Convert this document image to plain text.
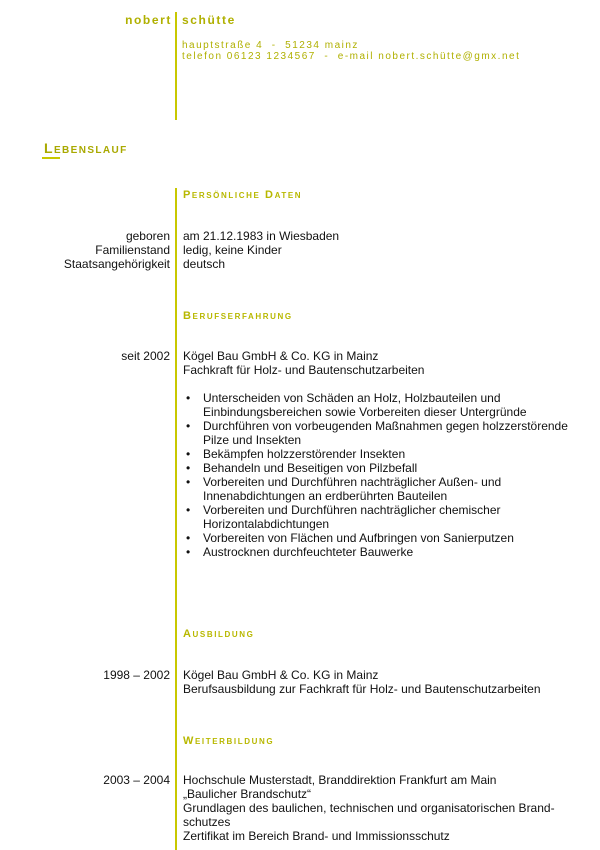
nobert schütte
hauptstraße 4  -  51234 mainz
telefon 06123 1234567  -  e-mail nobert.schütte@gmx.net
Lebenslauf
Persönliche Daten
geboren am 21.12.1983 in Wiesbaden
Familienstand ledig, keine Kinder
Staatsangehörigkeit deutsch
Berufserfahrung
seit 2002 Kögel Bau GmbH & Co. KG in Mainz
Fachkraft für Holz- und Bautenschutzarbeiten
• Unterscheiden von Schäden an Holz, Holzbauteilen und Einbindungsbereichen sowie Vorbereiten dieser Untergründe
• Durchführen von vorbeugenden Maßnahmen gegen holzzerstörende Pilze und Insekten
• Bekämpfen holzzerstörender Insekten
• Behandeln und Beseitigen von Pilzbefall
• Vorbereiten und Durchführen nachträglicher Außen- und Innenabdichtungen an erdberührten Bauteilen
• Vorbereiten und Durchführen nachträglicher chemischer Horizontalabdichtungen
• Vorbereiten von Flächen und Aufbringen von Sanierputzen
• Austrocknen durchfeuchteter Bauwerke
Ausbildung
1998 – 2002 Kögel Bau GmbH & Co. KG in Mainz
Berufsausbildung zur Fachkraft für Holz- und Bautenschutzarbeiten
Weiterbildung
2003 – 2004 Hochschule Musterstadt, Branddirektion Frankfurt am Main
„Baulicher Brandschutz“
Grundlagen des baulichen, technischen und organisatorischen Brand-
schutzes
Zertifikat im Bereich Brand- und Immissionsschutz
